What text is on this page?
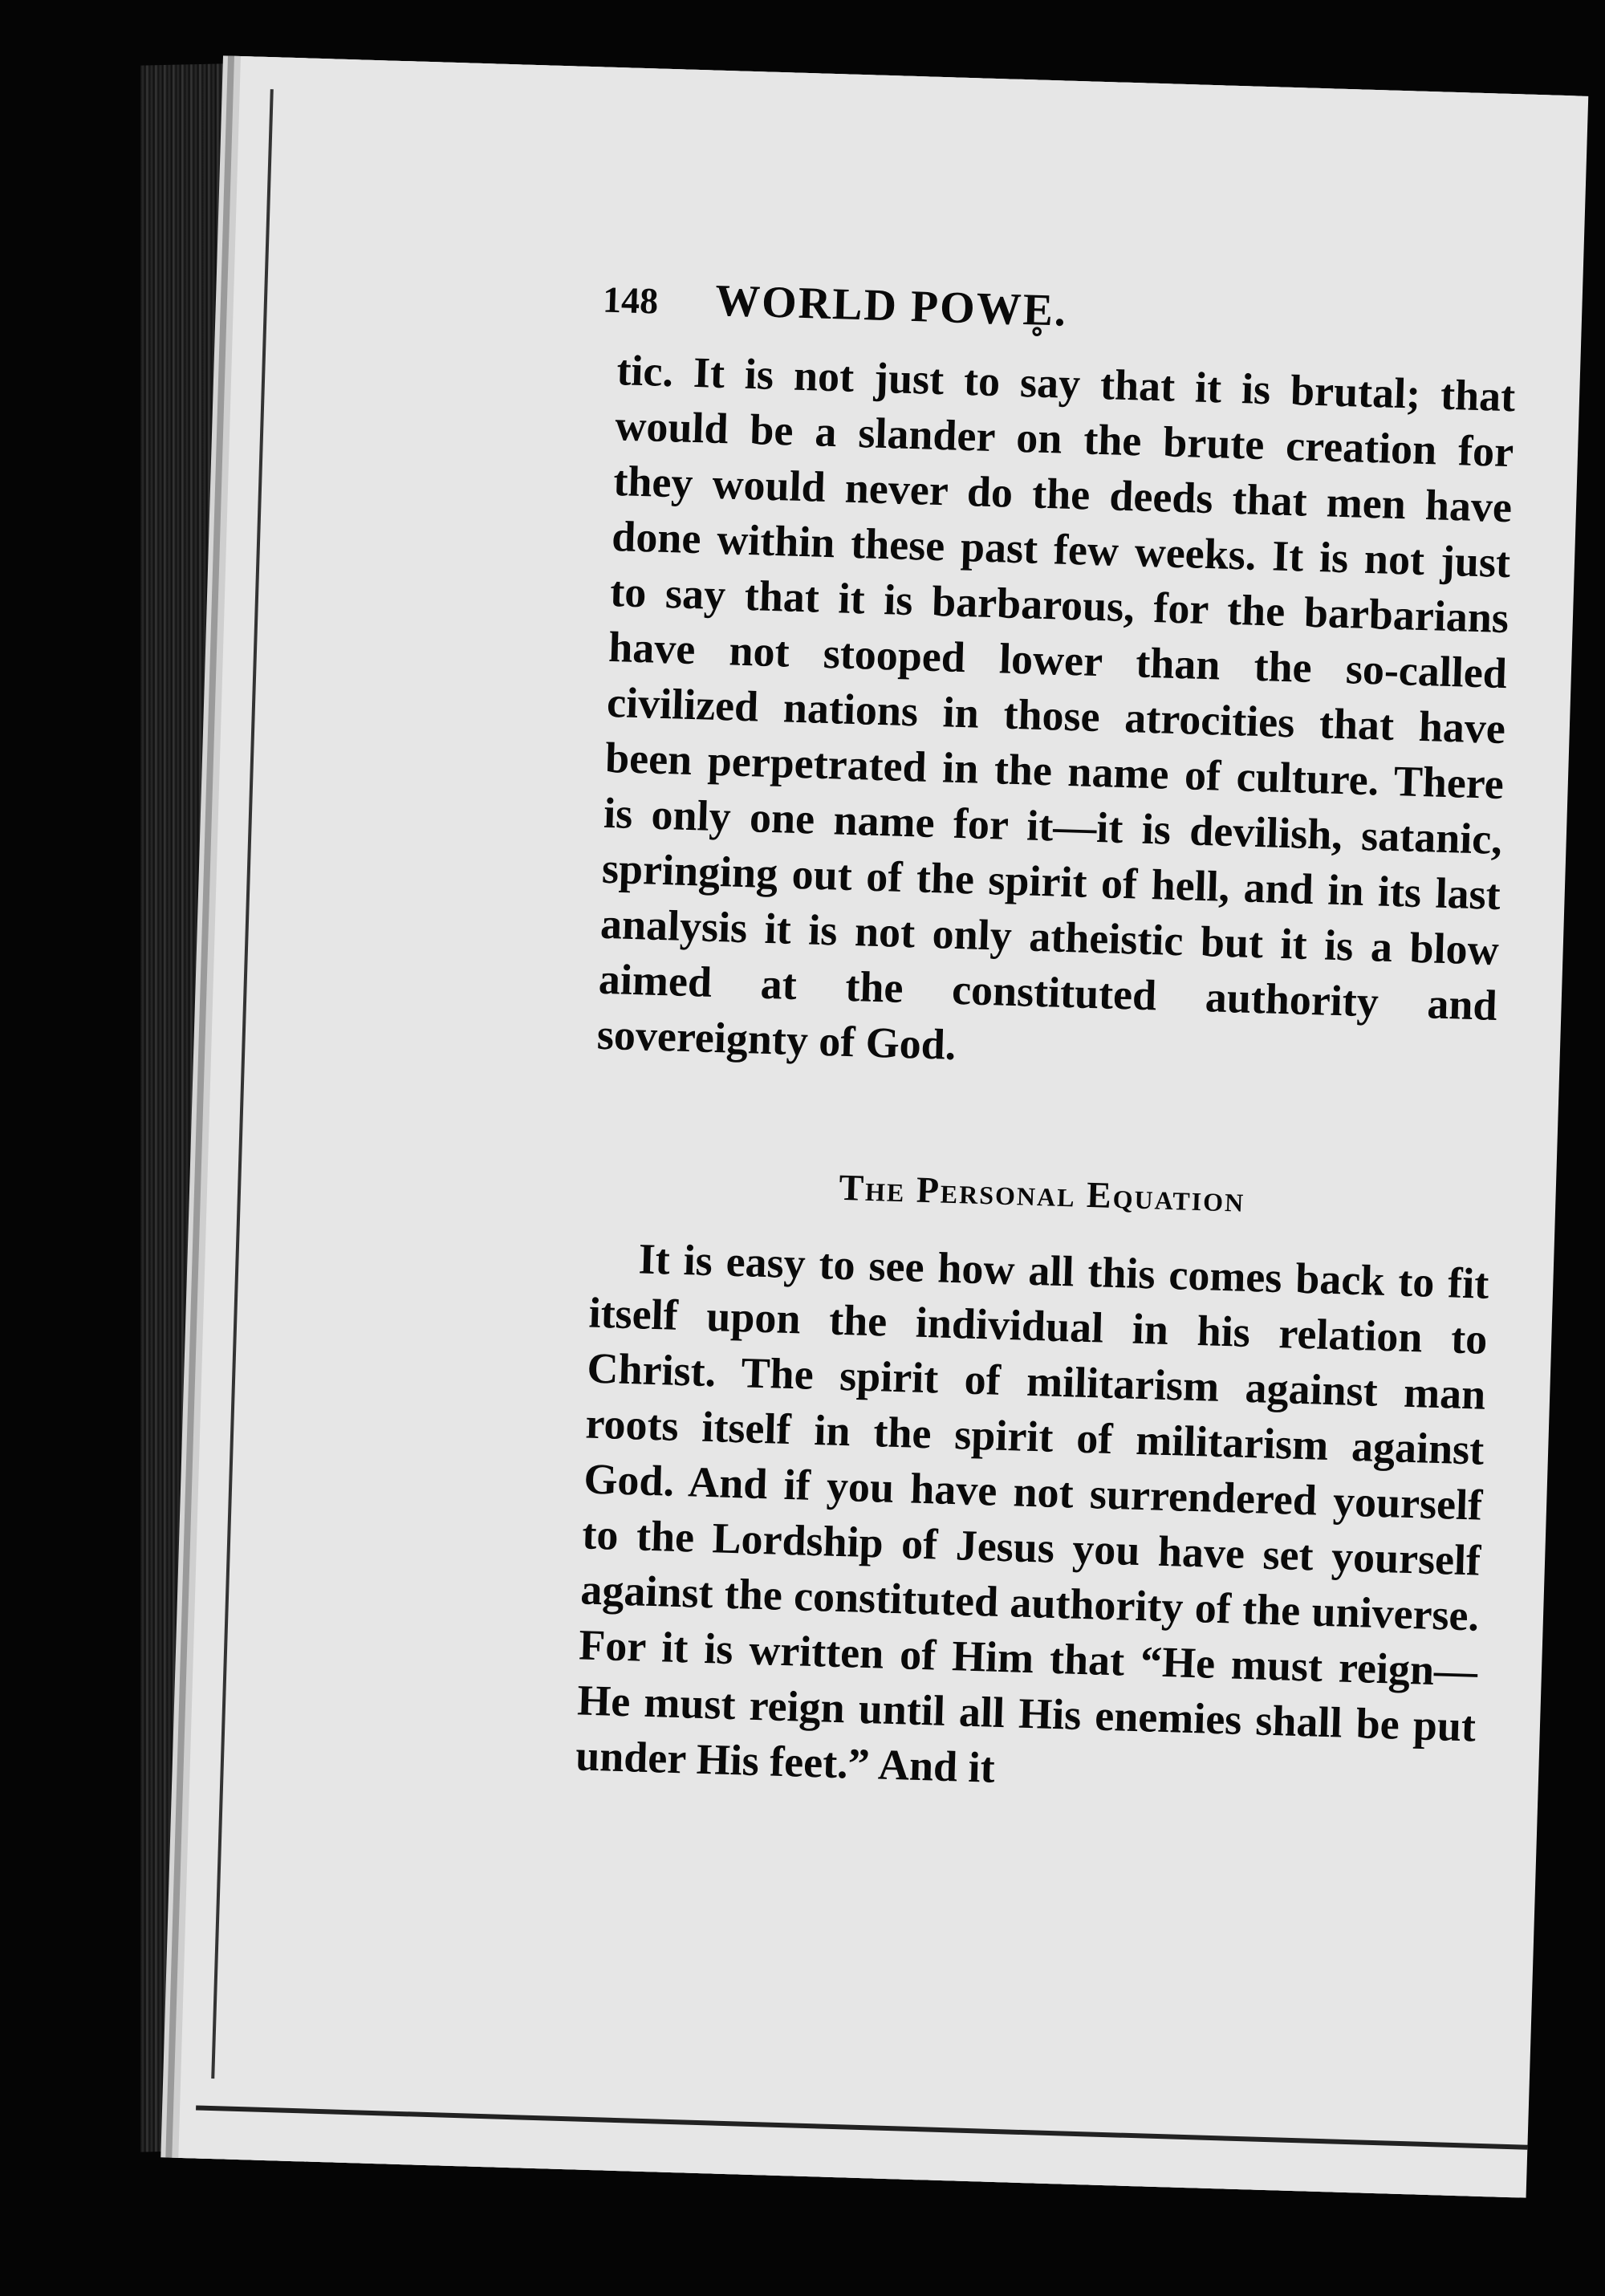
148	WORLD POWE̥.

tic. It is not just to say that it is brutal; that would be a slander on the brute creation for they would never do the deeds that men have done within these past few weeks. It is not just to say that it is barbarous, for the barbarians have not stooped lower than the so-called civilized nations in those atrocities that have been perpetrated in the name of culture. There is only one name for it—it is devilish, satanic, springing out of the spirit of hell, and in its last analysis it is not only atheistic but it is a blow aimed at the constituted authority and sovereignty of God.

The Personal Equation

It is easy to see how all this comes back to fit itself upon the individual in his relation to Christ. The spirit of militarism against man roots itself in the spirit of militarism against God. And if you have not surrendered yourself to the Lordship of Jesus you have set yourself against the constituted authority of the universe. For it is written of Him that “He must reign—He must reign until all His enemies shall be put under His feet.” And it
